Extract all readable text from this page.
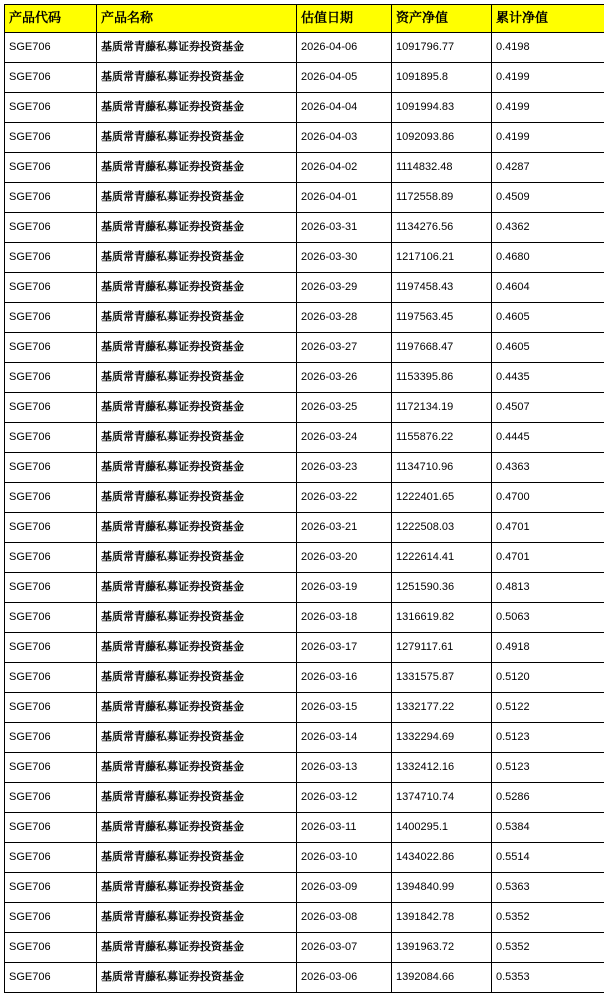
产品代码	产品名称	估值日期	资产净值	累计净值
SGE706	基质常青藤私募证券投资基金	2026-04-06	1091796.77	0.4198
SGE706	基质常青藤私募证券投资基金	2026-04-05	1091895.8	0.4199
SGE706	基质常青藤私募证券投资基金	2026-04-04	1091994.83	0.4199
SGE706	基质常青藤私募证券投资基金	2026-04-03	1092093.86	0.4199
SGE706	基质常青藤私募证券投资基金	2026-04-02	1114832.48	0.4287
SGE706	基质常青藤私募证券投资基金	2026-04-01	1172558.89	0.4509
SGE706	基质常青藤私募证券投资基金	2026-03-31	1134276.56	0.4362
SGE706	基质常青藤私募证券投资基金	2026-03-30	1217106.21	0.4680
SGE706	基质常青藤私募证券投资基金	2026-03-29	1197458.43	0.4604
SGE706	基质常青藤私募证券投资基金	2026-03-28	1197563.45	0.4605
SGE706	基质常青藤私募证券投资基金	2026-03-27	1197668.47	0.4605
SGE706	基质常青藤私募证券投资基金	2026-03-26	1153395.86	0.4435
SGE706	基质常青藤私募证券投资基金	2026-03-25	1172134.19	0.4507
SGE706	基质常青藤私募证券投资基金	2026-03-24	1155876.22	0.4445
SGE706	基质常青藤私募证券投资基金	2026-03-23	1134710.96	0.4363
SGE706	基质常青藤私募证券投资基金	2026-03-22	1222401.65	0.4700
SGE706	基质常青藤私募证券投资基金	2026-03-21	1222508.03	0.4701
SGE706	基质常青藤私募证券投资基金	2026-03-20	1222614.41	0.4701
SGE706	基质常青藤私募证券投资基金	2026-03-19	1251590.36	0.4813
SGE706	基质常青藤私募证券投资基金	2026-03-18	1316619.82	0.5063
SGE706	基质常青藤私募证券投资基金	2026-03-17	1279117.61	0.4918
SGE706	基质常青藤私募证券投资基金	2026-03-16	1331575.87	0.5120
SGE706	基质常青藤私募证券投资基金	2026-03-15	1332177.22	0.5122
SGE706	基质常青藤私募证券投资基金	2026-03-14	1332294.69	0.5123
SGE706	基质常青藤私募证券投资基金	2026-03-13	1332412.16	0.5123
SGE706	基质常青藤私募证券投资基金	2026-03-12	1374710.74	0.5286
SGE706	基质常青藤私募证券投资基金	2026-03-11	1400295.1	0.5384
SGE706	基质常青藤私募证券投资基金	2026-03-10	1434022.86	0.5514
SGE706	基质常青藤私募证券投资基金	2026-03-09	1394840.99	0.5363
SGE706	基质常青藤私募证券投资基金	2026-03-08	1391842.78	0.5352
SGE706	基质常青藤私募证券投资基金	2026-03-07	1391963.72	0.5352
SGE706	基质常青藤私募证券投资基金	2026-03-06	1392084.66	0.5353
